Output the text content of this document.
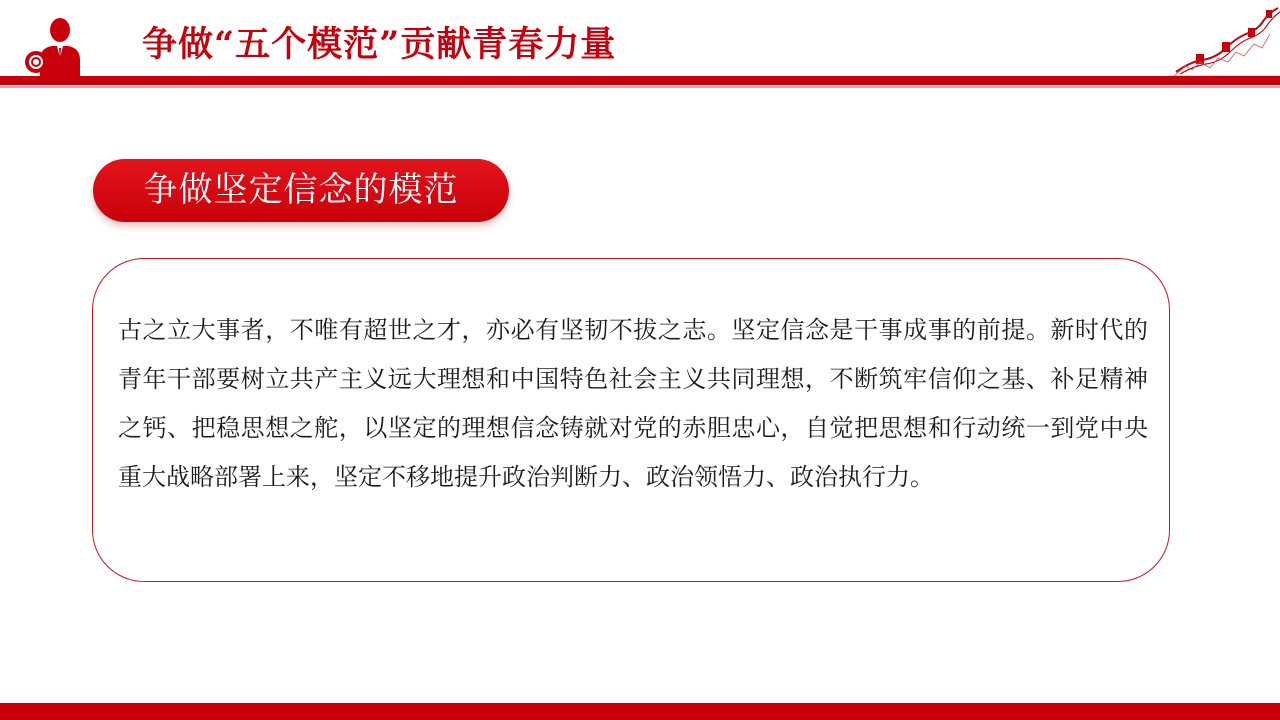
争做“五个模范”贡献青春力量
争做坚定信念的模范
古之立大事者，不唯有超世之才，亦必有坚韧不拔之志。坚定信念是干事成事的前提。新时代的青年干部要树立共产主义远大理想和中国特色社会主义共同理想，不断筑牢信仰之基、补足精神之钙、把稳思想之舵，以坚定的理想信念铸就对党的赤胆忠心，自觉把思想和行动统一到党中央重大战略部署上来，坚定不移地提升政治判断力、政治领悟力、政治执行力。
